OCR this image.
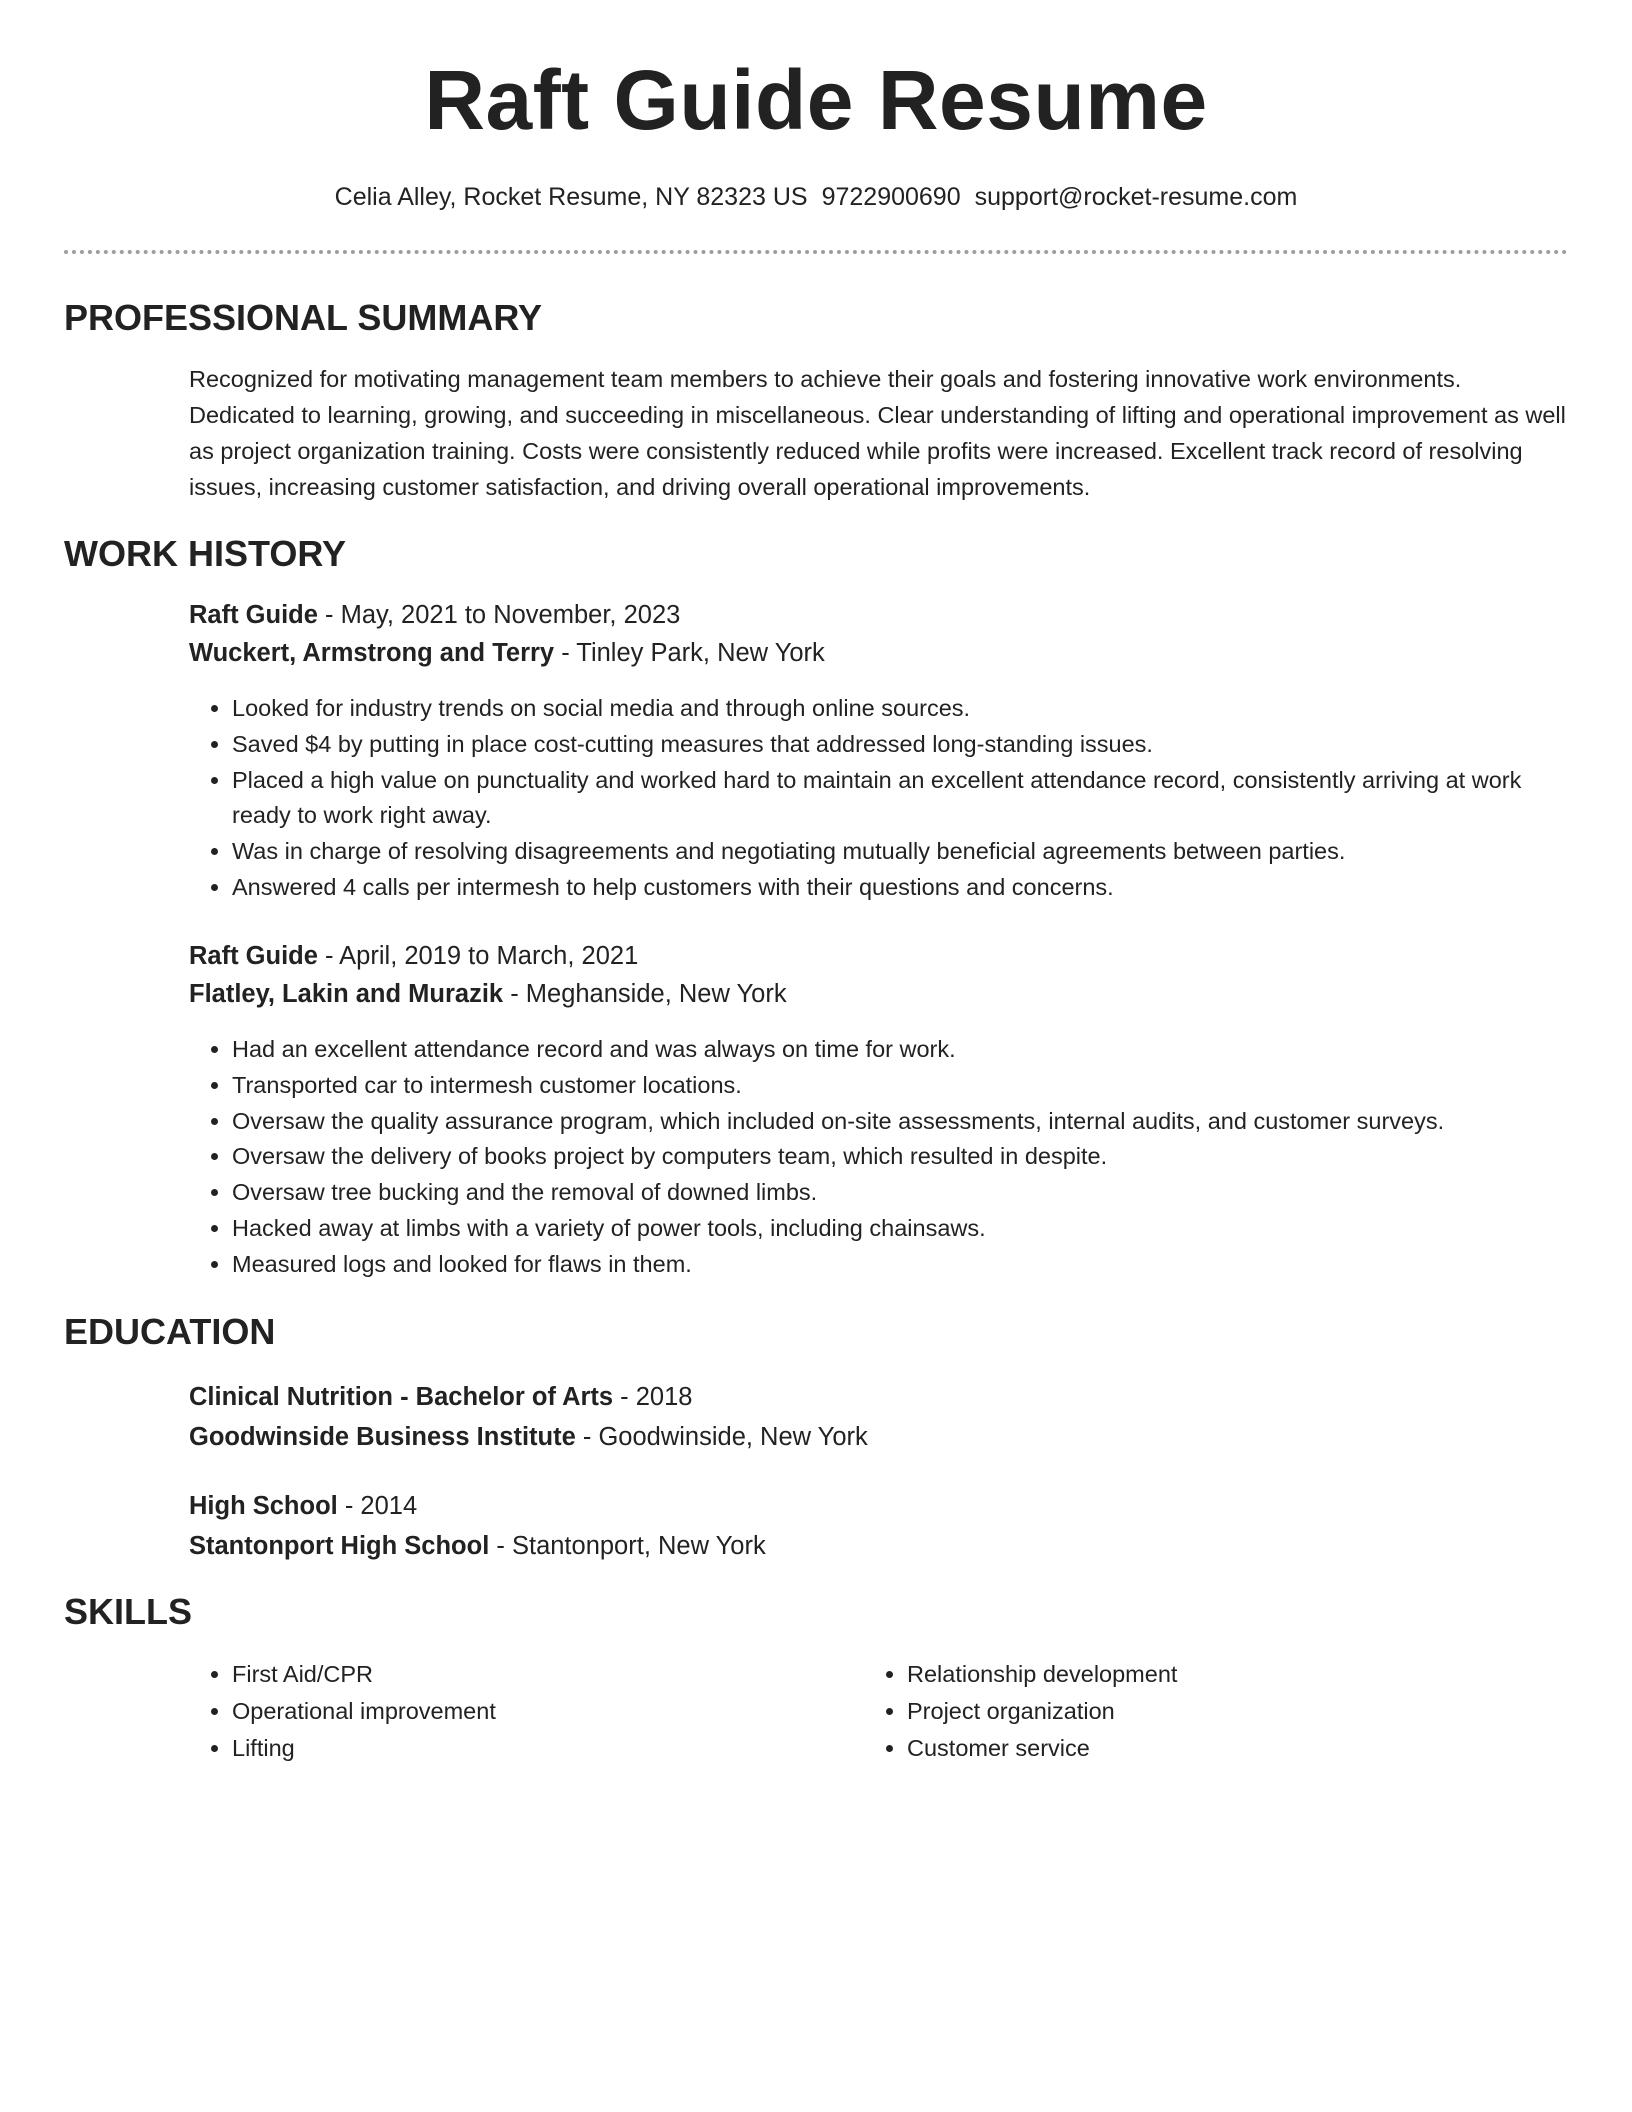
Raft Guide Resume
Celia Alley, Rocket Resume, NY 82323 US 9722900690 support@rocket-resume.com
PROFESSIONAL SUMMARY

Recognized for motivating management team members to achieve their goals and fostering innovative work environments. Dedicated to learning, growing, and succeeding in miscellaneous. Clear understanding of lifting and operational improvement as well as project organization training. Costs were consistently reduced while profits were increased. Excellent track record of resolving issues, increasing customer satisfaction, and driving overall operational improvements.

WORK HISTORY
Raft Guide - May, 2021 to November, 2023
Wuckert, Armstrong and Terry - Tinley Park, New York
• Looked for industry trends on social media and through online sources.
• Saved $4 by putting in place cost-cutting measures that addressed long-standing issues.
• Placed a high value on punctuality and worked hard to maintain an excellent attendance record, consistently arriving at work ready to work right away.
• Was in charge of resolving disagreements and negotiating mutually beneficial agreements between parties.
• Answered 4 calls per intermesh to help customers with their questions and concerns.
Raft Guide - April, 2019 to March, 2021
Flatley, Lakin and Murazik - Meghanside, New York
• Had an excellent attendance record and was always on time for work.
• Transported car to intermesh customer locations.
• Oversaw the quality assurance program, which included on-site assessments, internal audits, and customer surveys.
• Oversaw the delivery of books project by computers team, which resulted in despite.
• Oversaw tree bucking and the removal of downed limbs.
• Hacked away at limbs with a variety of power tools, including chainsaws.
• Measured logs and looked for flaws in them.
EDUCATION
Clinical Nutrition - Bachelor of Arts - 2018
Goodwinside Business Institute - Goodwinside, New York
High School - 2014
Stantonport High School - Stantonport, New York
SKILLS
• First Aid/CPR
• Operational improvement
• Lifting
• Relationship development
• Project organization
• Customer service
